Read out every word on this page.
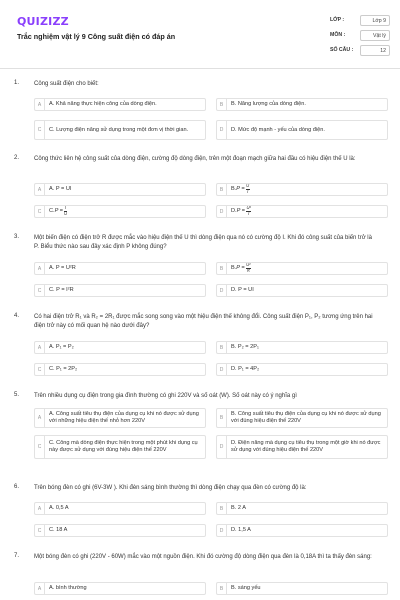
QUIZIZZ
Trắc nghiệm vật lý 9 Công suất điện có đáp án
LỚP :	Lớp 9
MÔN :	Vật lý
SỐ CÂU :	12
1. Công suất điện cho biết:
A	A. Khả năng thực hiện công của dòng điện.	B	B. Năng lượng của dòng điện.
C	C. Lượng điện năng sử dụng trong một đơn vị thời gian.	D	D. Mức độ mạnh - yếu của dòng điện.
2. Công thức liên hệ công suất của dòng điện, cường độ dòng điện, trên một đoạn mạch giữa hai đầu có hiệu điện thế U là:
A	A. P = UI	B	B. $P = \frac{U}{I}$
C	C. $P = \frac{I}{U}$	D	D. $P = \frac{\text{U²}}{I}$
3. Một biến điện có điện trở R được mắc vào hiệu điện thế U thì dòng điện qua nó có cường độ I. Khi đó công suất của biến trở là P. Biểu thức nào sau đây xác định P không đúng?
A	A. P = U²R	B	B. $P = \frac{\text{U²}}{R}$
C	C. P = I²R	D	D. P = UI
4. Có hai điện trở R₁ và R₂ = 2R₁ được mắc song song vào một hiệu điện thế không đổi. Công suất điện P₁, P₂ tương ứng trên hai điện trở này có mối quan hệ nào dưới đây?
A	A. P₁ = P₂	B	B. P₂ = 2P₁
C	C. P₁ = 2P₂	D	D. P₁ = 4P₂
5. Trên nhiều dụng cụ điện trong gia đình thường có ghi 220V và số oát (W). Số oát này có ý nghĩa gì
A
A. Công suất tiêu thụ điện của dụng cụ khi nó được sử dụng với những hiệu điện thế nhỏ hơn 220V	B
B. Công suất tiêu thụ điện của dụng cụ khi nó được sử dụng với đúng hiệu điện thế 220V
C
C. Công mà dòng điện thực hiện trong một phút khi dụng cụ này được sử dụng với đúng hiệu điện thế 220V	D
D. Điện năng mà dụng cụ tiêu thụ trong một giờ khi nó được sử dụng với đúng hiệu điện thế 220V
6. Trên bóng đèn có ghi (6V-3W ). Khi đèn sáng bình thường thì dòng điện chạy qua đèn có cường độ là:
A	A. 0,5 A	B	B. 2 A
C	C. 18 A	D	D. 1,5 A
7. Một bóng đèn có ghi (220V - 60W) mắc vào một nguồn điện. Khi đó cường độ dòng điện qua đèn là 0,18A thì ta thấy đèn sáng:
A	A. bình thường	B	B. sáng yếu
